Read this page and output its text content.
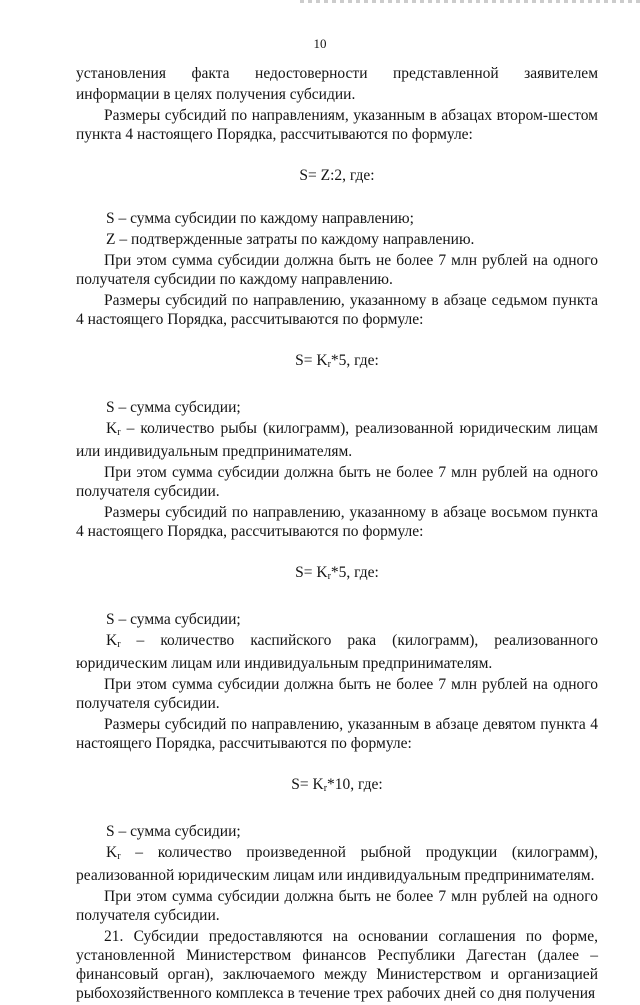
10

установления факта недостоверности представленной заявителем

информации в целях получения субсидии.

Размеры субсидий по направлениям, указанным в абзацах втором-шестом пункта 4 настоящего Порядка, рассчитываются по формуле:

S= Z:2, где:

S – сумма субсидии по каждому направлению;

Z – подтвержденные затраты по каждому направлению.

При этом сумма субсидии должна быть не более 7 млн рублей на одного получателя субсидии по каждому направлению.

Размеры субсидий по направлению, указанному в абзаце седьмом пункта 4 настоящего Порядка, рассчитываются по формуле:

$S= K_r*5$, где:

S – сумма субсидии;

$K_r$ – количество рыбы (килограмм), реализованной юридическим лицам или индивидуальным предпринимателям.

При этом сумма субсидии должна быть не более 7 млн рублей на одного получателя субсидии.

Размеры субсидий по направлению, указанному в абзаце восьмом пункта 4 настоящего Порядка, рассчитываются по формуле:

$S= K_r*5$, где:

S – сумма субсидии;

$K_r$ – количество каспийского рака (килограмм), реализованного юридическим лицам или индивидуальным предпринимателям.

При этом сумма субсидии должна быть не более 7 млн рублей на одного получателя субсидии.

Размеры субсидий по направлению, указанным в абзаце девятом пункта 4 настоящего Порядка, рассчитываются по формуле:

$S= K_r*10$, где:

S – сумма субсидии;

$K_r$ – количество произведенной рыбной продукции (килограмм), реализованной юридическим лицам или индивидуальным предпринимателям.

При этом сумма субсидии должна быть не более 7 млн рублей на одного получателя субсидии.

21. Субсидии предоставляются на основании соглашения по форме, установленной Министерством финансов Республики Дагестан (далее – финансовый орган), заключаемого между Министерством и организацией рыбохозяйственного комплекса в течение трех рабочих дней со дня получения
